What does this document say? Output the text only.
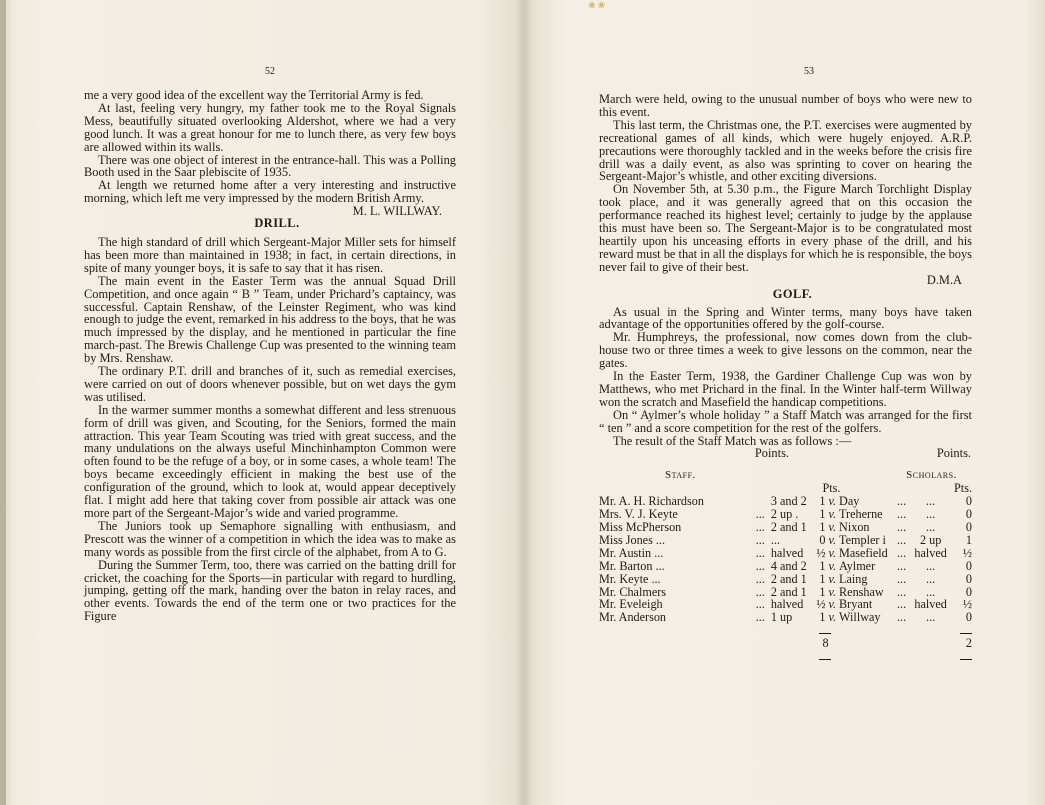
52

me a very good idea of the excellent way the Territorial Army is fed.

At last, feeling very hungry, my father took me to the Royal Signals Mess, beautifully situated overlooking Aldershot, where we had a very good lunch. It was a great honour for me to lunch there, as very few boys are allowed within its walls.

There was one object of interest in the entrance-hall. This was a Polling Booth used in the Saar plebiscite of 1935.

At length we returned home after a very interesting and instructive morning, which left me very impressed by the modern British Army.

M. L. WILLWAY.

DRILL.

The high standard of drill which Sergeant-Major Miller sets for himself has been more than maintained in 1938; in fact, in certain directions, in spite of many younger boys, it is safe to say that it has risen.

The main event in the Easter Term was the annual Squad Drill Competition, and once again “ B ” Team, under Prichard’s captaincy, was successful. Captain Renshaw, of the Leinster Regiment, who was kind enough to judge the event, remarked in his address to the boys, that he was much impressed by the display, and he mentioned in particular the fine march-past. The Brewis Challenge Cup was presented to the winning team by Mrs. Renshaw.

The ordinary P.T. drill and branches of it, such as remedial exercises, were carried on out of doors whenever possible, but on wet days the gym was utilised.

In the warmer summer months a somewhat different and less strenuous form of drill was given, and Scouting, for the Seniors, formed the main attraction. This year Team Scouting was tried with great success, and the many undulations on the always useful Minchinhampton Common were often found to be the refuge of a boy, or in some cases, a whole team! The boys became exceedingly efficient in making the best use of the configuration of the ground, which to look at, would appear deceptively flat. I might add here that taking cover from possible air attack was one more part of the Sergeant-Major’s wide and varied programme.

The Juniors took up Semaphore signalling with enthusiasm, and Prescott was the winner of a competition in which the idea was to make as many words as possible from the first circle of the alphabet, from A to G.

During the Summer Term, too, there was carried on the batting drill for cricket, the coaching for the Sports—in particular with regard to hurdling, jumping, getting off the mark, handing over the baton in relay races, and other events. Towards the end of the term one or two practices for the Figure

❀ ❀
53

March were held, owing to the unusual number of boys who were new to this event.

This last term, the Christmas one, the P.T. exercises were augmented by recreational games of all kinds, which were hugely enjoyed. A.R.P. precautions were thoroughly tackled and in the weeks before the crisis fire drill was a daily event, as also was sprinting to cover on hearing the Sergeant-Major’s whistle, and other exciting diversions.

On November 5th, at 5.30 p.m., the Figure March Torchlight Display took place, and it was generally agreed that on this occasion the performance reached its highest level; certainly to judge by the applause this must have been so. The Sergeant-Major is to be congratulated most heartily upon his unceasing efforts in every phase of the drill, and his reward must be that in all the displays for which he is responsible, the boys never fail to give of their best.

D.M.A

GOLF.

As usual in the Spring and Winter terms, many boys have taken advantage of the opportunities offered by the golf-course.

Mr. Humphreys, the professional, now comes down from the club-house two or three times a week to give lessons on the common, near the gates.

In the Easter Term, 1938, the Gardiner Challenge Cup was won by Matthews, who met Prichard in the final. In the Winter half-term Willway won the scratch and Masefield the handicap competitions.

On “ Aylmer’s whole holiday ” a Staff Match was arranged for the first “ ten ” and a score competition for the rest of the golfers.

The result of the Staff Match was as follows :—

Points.	Points.
Staff.				Scholars.		
			Pts.			Pts.
Mr. A. H. Richardson		3 and 2	1 v. Day	...	...	0
Mrs. V. J. Keyte	...	2 up .	1 v. Treherne	...	...	0
Miss McPherson	...	2 and 1	1 v. Nixon	...	...	0
Miss Jones ...	...	...	0 v. Templer i	...	2 up	1
Mr. Austin ...	...	halved	½ v. Masefield	...	halved	½
Mr. Barton ...	...	4 and 2	1 v. Aylmer	...	...	0
Mr. Keyte ...	...	2 and 1	1 v. Laing	...	...	0
Mr. Chalmers	...	2 and 1	1 v. Renshaw	...	...	0
Mr. Eveleigh	...	halved	½ v. Bryant	...	halved	½
Mr. Anderson	...	1 up	1 v. Willway	...	...	0

			8			2
